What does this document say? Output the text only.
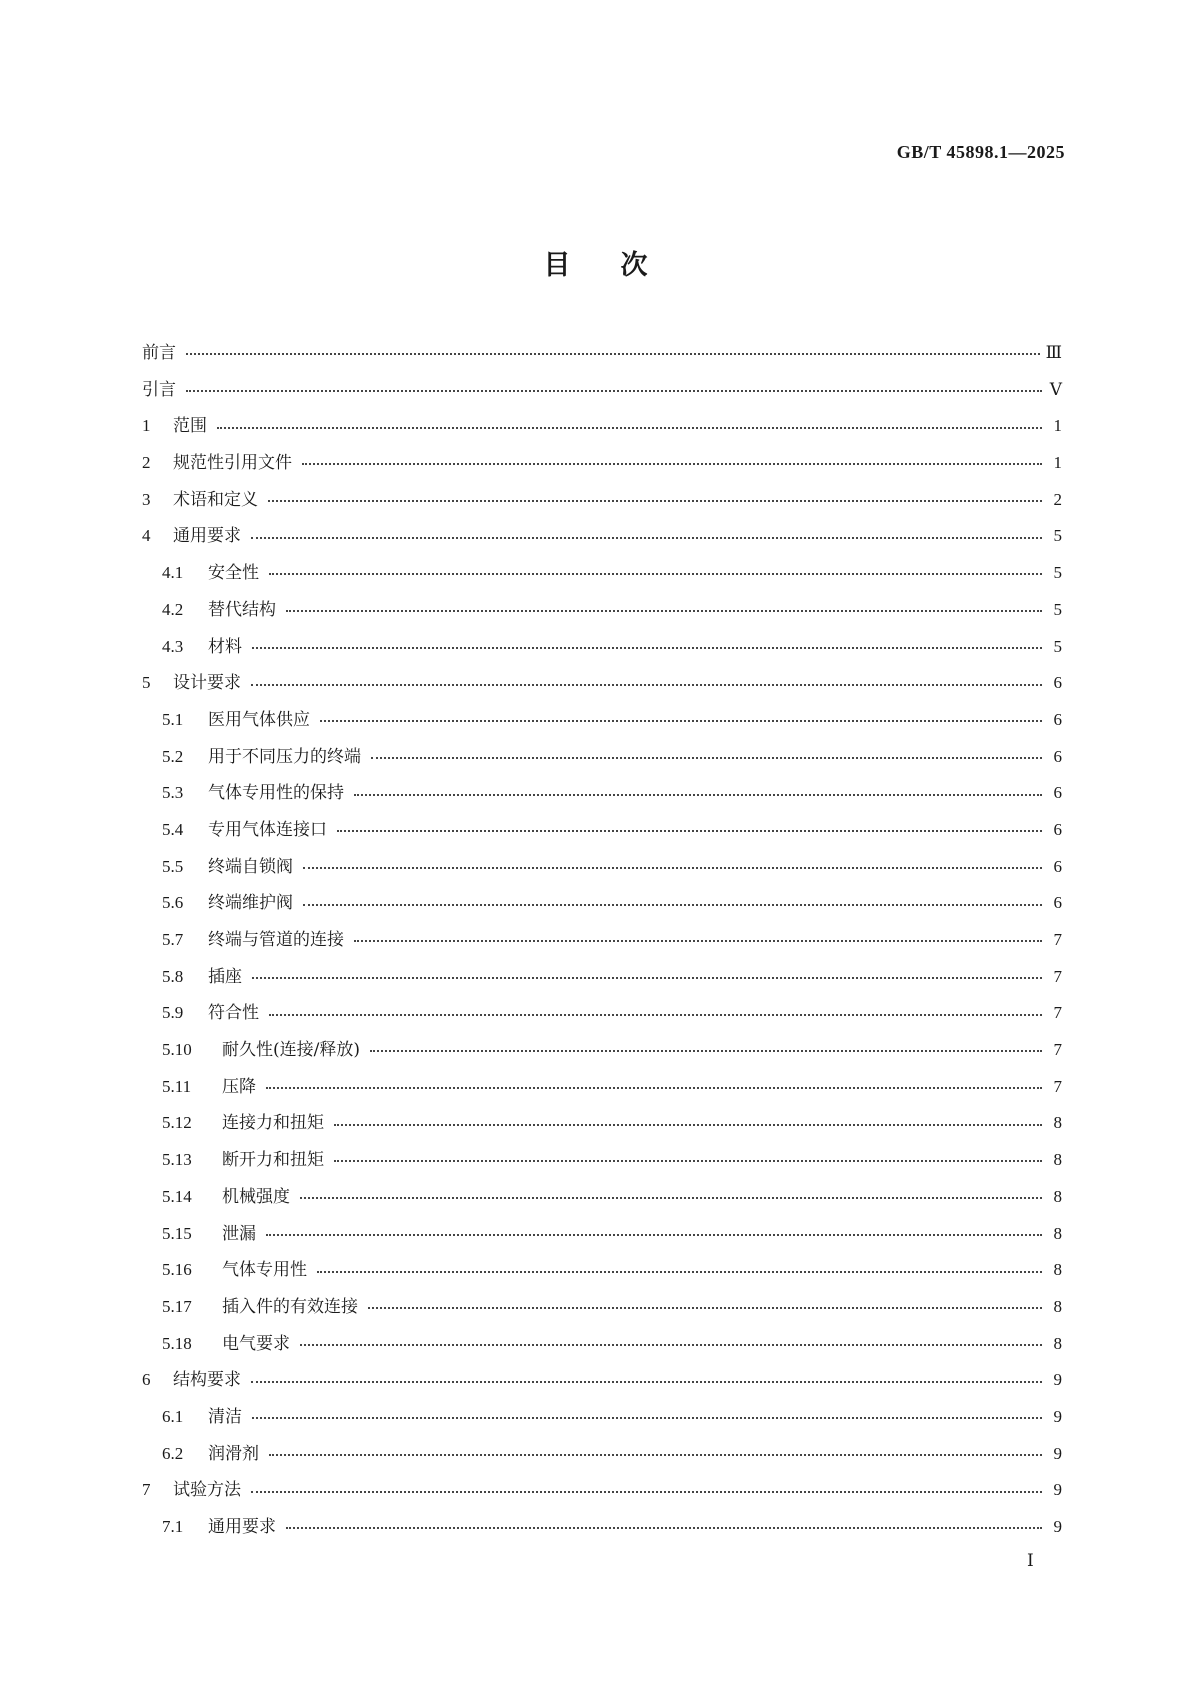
GB/T 45898.1—2025
目次
前言	Ⅲ
引言	Ⅴ
1	范围	1
2	规范性引用文件	1
3	术语和定义	2
4	通用要求	5
4.1	安全性	5
4.2	替代结构	5
4.3	材料	5
5	设计要求	6
5.1	医用气体供应	6
5.2	用于不同压力的终端	6
5.3	气体专用性的保持	6
5.4	专用气体连接口	6
5.5	终端自锁阀	6
5.6	终端维护阀	6
5.7	终端与管道的连接	7
5.8	插座	7
5.9	符合性	7
5.10	耐久性(连接/释放)	7
5.11	压降	7
5.12	连接力和扭矩	8
5.13	断开力和扭矩	8
5.14	机械强度	8
5.15	泄漏	8
5.16	气体专用性	8
5.17	插入件的有效连接	8
5.18	电气要求	8
6	结构要求	9
6.1	清洁	9
6.2	润滑剂	9
7	试验方法	9
7.1	通用要求	9
Ⅰ
